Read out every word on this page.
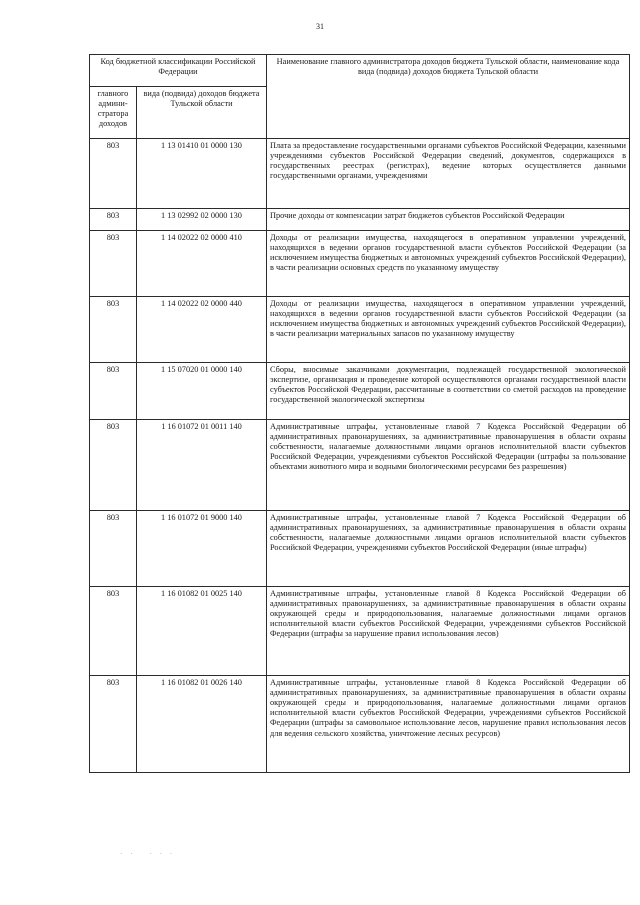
31
Код бюджетной классификации Российской Федерации		Наименование главного администратора доходов бюджета Тульской области, наименование кода вида (подвида) доходов бюджета Тульской области
главного админи-стратора доходов	вида (подвида) доходов бюджета Тульской области	
803	1 13 01410 01 0000 130	Плата за предоставление государственными органами субъектов Российской Федерации, казенными учреждениями субъектов Российской Федерации сведений, документов, содержащихся в государственных реестрах (регистрах), ведение которых осуществляется данными государственными органами, учреждениями
803	1 13 02992 02 0000 130	Прочие доходы от компенсации затрат бюджетов субъектов Российской Федерации
803	1 14 02022 02 0000 410	Доходы от реализации имущества, находящегося в оперативном управлении учреждений, находящихся в ведении органов государственной власти субъектов Российской Федерации (за исключением имущества бюджетных и автономных учреждений субъектов Российской Федерации), в части реализации основных средств по указанному имуществу
803	1 14 02022 02 0000 440	Доходы от реализации имущества, находящегося в оперативном управлении учреждений, находящихся в ведении органов государственной власти субъектов Российской Федерации (за исключением имущества бюджетных и автономных учреждений субъектов Российской Федерации), в части реализации материальных запасов по указанному имуществу
803	1 15 07020 01 0000 140	Сборы, вносимые заказчиками документации, подлежащей государственной экологической экспертизе, организация и проведение которой осуществляются органами государственной власти субъектов Российской Федерации, рассчитанные в соответствии со сметой расходов на проведение государственной экологической экспертизы
803	1 16 01072 01 0011 140	Административные штрафы, установленные главой 7 Кодекса Российской Федерации об административных правонарушениях, за административные правонарушения в области охраны собственности, налагаемые должностными лицами органов исполнительной власти субъектов Российской Федерации, учреждениями субъектов Российской Федерации (штрафы за пользование объектами животного мира и водными биологическими ресурсами без разрешения)
803	1 16 01072 01 9000 140	Административные штрафы, установленные главой 7 Кодекса Российской Федерации об административных правонарушениях, за административные правонарушения в области охраны собственности, налагаемые должностными лицами органов исполнительной власти субъектов Российской Федерации, учреждениями субъектов Российской Федерации (иные штрафы)
803	1 16 01082 01 0025 140	Административные штрафы, установленные главой 8 Кодекса Российской Федерации об административных правонарушениях, за административные правонарушения в области охраны окружающей среды и природопользования, налагаемые должностными лицами органов исполнительной власти субъектов Российской Федерации, учреждениями субъектов Российской Федерации (штрафы за нарушение правил использования лесов)
803	1 16 01082 01 0026 140	Административные штрафы, установленные главой 8 Кодекса Российской Федерации об административных правонарушениях, за административные правонарушения в области охраны окружающей среды и природопользования, налагаемые должностными лицами органов исполнительной власти субъектов Российской Федерации, учреждениями субъектов Российской Федерации (штрафы за самовольное использование лесов, нарушение правил использования лесов для ведения сельского хозяйства, уничтожение лесных ресурсов)
· ·   · · ·
